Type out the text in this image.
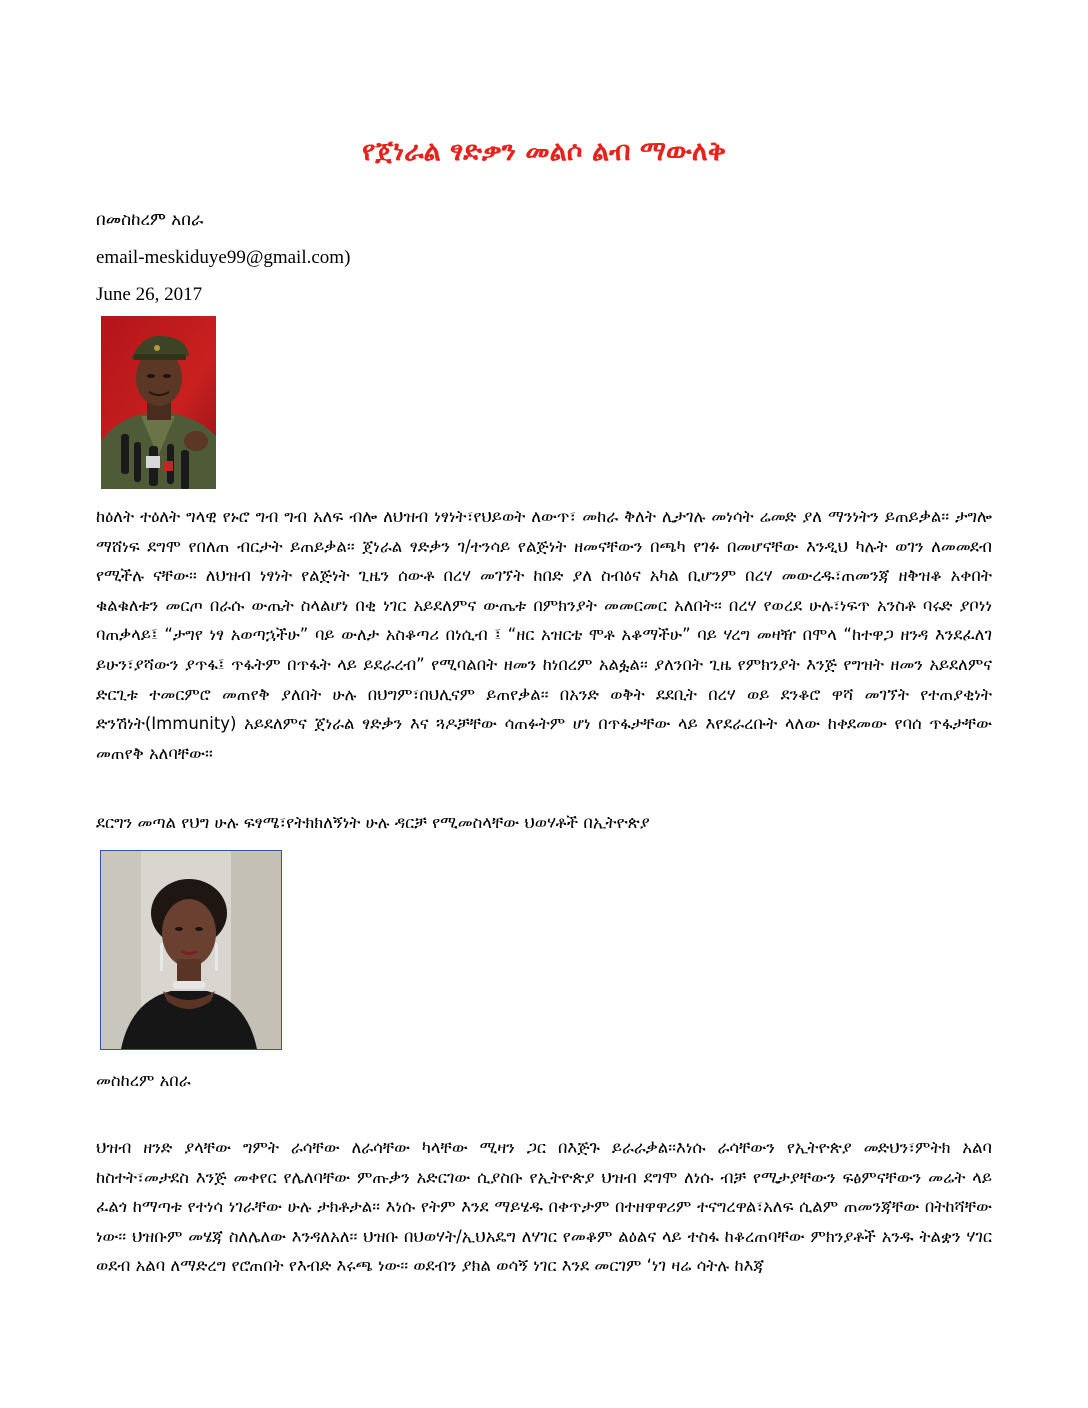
የጀነራል ፃድቃን መልሶ ልብ ማውለቅ
በመስከረም አበራ
email-meskiduye99@gmail.com)
June 26, 2017

ከዕለት ተዕለት ግላዊ የኑሮ ግብ ግብ አለፍ ብሎ ለህዝብ ነፃነት፣የህይወት ለውጥ፣ መከራ ቅለት ሊታገሉ መነሳት ሬመድ ያለ ማንነትን ይጠይቃል፡፡ ታግሎ ማሸነፍ ደግሞ የበለጠ ብርታት ይጠይቃል፡፡ ጀነራል ፃድቃን ገ/ተንሳይ የልጅነት ዘመናቸውን በጫካ የገፉ በመሆናቸው እንዲህ ካሉት ወገን ለመመደብ የሚችሉ ናቸው፡፡ ለህዝብ ነፃነት የልጅነት ጊዜን ሰውቶ በረሃ መገኘት ከበድ ያለ ስብዕና አካል ቢሆንም በረሃ መውረዱ፣ጠመንጃ ዘቅዝቆ አቀበት ቁልቁለቱን መርጦ በራሱ ውጤት ስላልሆነ በቂ ነገር አይደለምና ውጤቱ በምክንያት መመርመር አለበት፡፡ በረሃ የወረደ ሁሉ፣ነፍጥ አንስቶ ባሩድ ያቦነነ ባጠቃላይ፤ “ታግየ ነፃ አወጣኋችሁ” ባይ ውለታ አስቆጣሪ በነሲብ ፤ “ዘር አዝርቴ ሞቶ አቆማችሁ” ባይ ሃረግ መዛዥ በሞላ “ከተዋጋ ዘንዳ እንደፈለገ ይሁን፣ያሻውን ያጥፋ፤ ጥፋትም በጥፋት ላይ ይደራረብ” የሚባልበት ዘመን ከነበረም አልፏል፡፡ ያለንበት ጊዜ የምክንያት እንጅ የግዝት ዘመን አይደለምና ድርጊቱ ተመርምሮ መጠየቅ ያለበት ሁሉ በህግም፣በህሊናም ይጠየቃል፡፡ በአንድ ወቅት ደደቢት በረሃ ወይ ደንቆሮ ዋሻ መገኘት የተጠያቂነት ድንሽነት(Immunity) አይደለምና ጀነራል ፃድቃን እና ጓዶቻቸው ሳጠፉትም ሆነ በጥፋታቸው ላይ እየደራረቡት ላለው ከቀደመው የባሰ ጥፋታቸው መጠየቅ አለባቸው፡፡

ደርግን መጣል የህግ ሁሉ ፍፃሜ፣የትክክለኝነት ሁሉ ዳርቻ የሚመስላቸው ህወሃቶች በኢትዮጵያ
መስከረም አበራ

ህዝብ ዘንድ ያላቸው ግምት ራሳቸው ለራሳቸው ካላቸው ሚዛን ጋር በእጅጉ ይራራቃል፡፡እነሱ ራሳቸውን የኢትዮጵያ መድህን፣ምትክ አልባ ከስተት፣መታደስ እንጅ መቀየር የሌለባቸው ምጡቃን አድርገው ሲያስቡ የኢትዮጵያ ህዝብ ደግሞ ለነሱ ብቻ የሚታያቸውን ፍፅምናቸውን መሬት ላይ ፈልጎ ከማጣቱ የተነሳ ነገራቸው ሁሉ ታክቶታል፡፡ እነሱ የትም እንደ ማይሄዱ በቀጥታም በተዘዋዋሪም ተናግረዋል፣አለፍ ሲልም ጠመንጃቸው በትከሻቸው ነው፡፡ ህዝቡም መሄጃ ስለሌለው እንዳለአለ፡፡ ህዝቡ በህወሃት/ኢህአዴግ ለሃገር የመቆም ልዕልና ላይ ተስፋ ከቆረጠባቸው ምክንያቶች አንዱ ትልቋን ሃገር ወደብ አልባ ለማድረግ የሮጠበት የእብድ እሩጫ ነው፡፡ ወደብን ያክል ወሳኝ ነገር እንደ መርገም ‘ነገ ዛሬ ሳትሉ ከእጃ
